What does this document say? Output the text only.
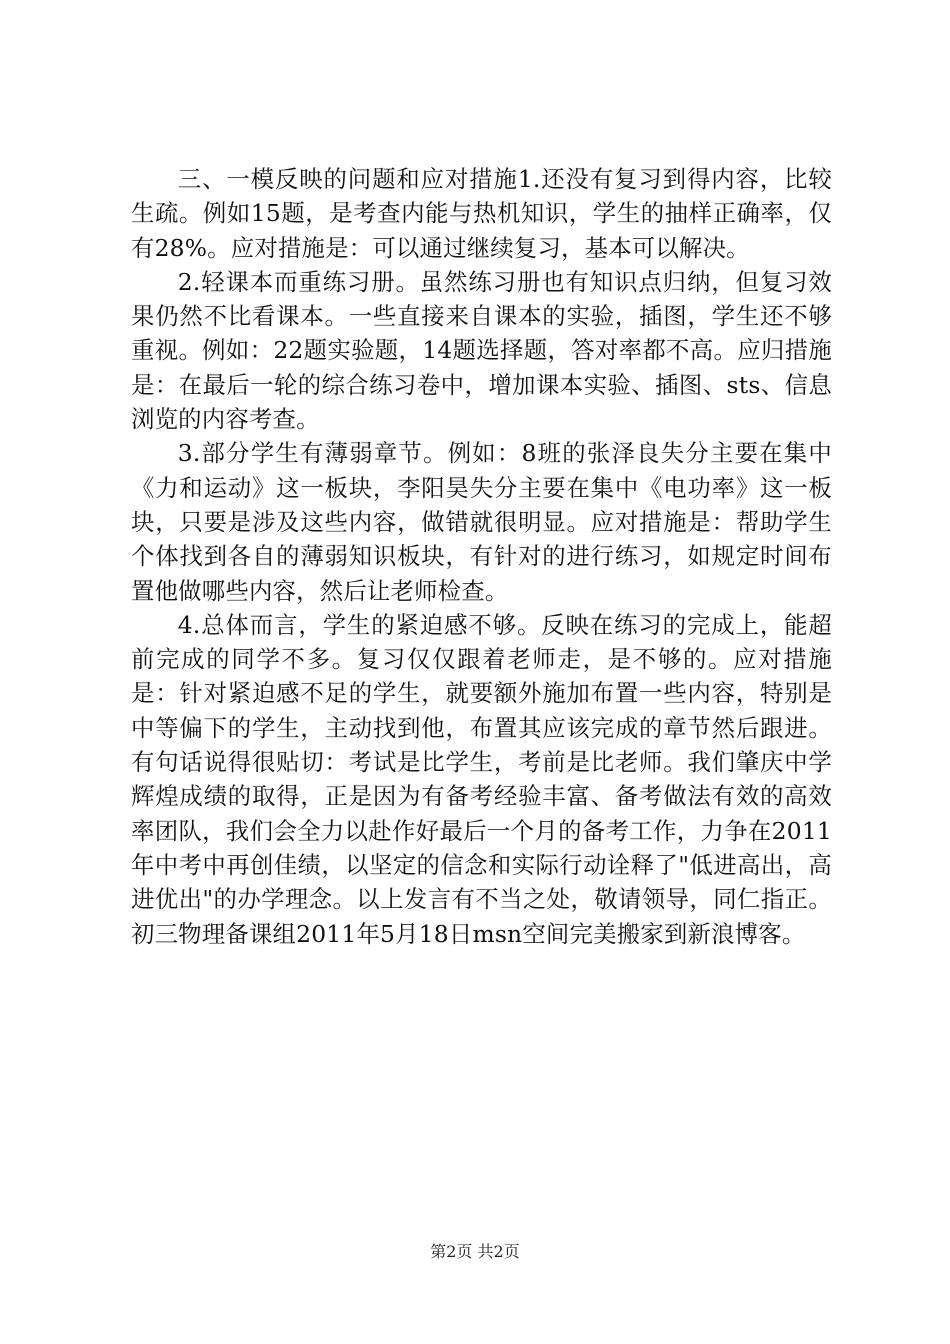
三、一模反映的问题和应对措施1.还没有复习到得内容，比较生疏。例如15题，是考查内能与热机知识，学生的抽样正确率，仅有28%。应对措施是：可以通过继续复习，基本可以解决。

2.轻课本而重练习册。虽然练习册也有知识点归纳，但复习效果仍然不比看课本。一些直接来自课本的实验，插图，学生还不够重视。例如：22题实验题，14题选择题，答对率都不高。应归措施是：在最后一轮的综合练习卷中，增加课本实验、插图、sts、信息浏览的内容考查。

3.部分学生有薄弱章节。例如：8班的张泽良失分主要在集中《力和运动》这一板块，李阳昊失分主要在集中《电功率》这一板块，只要是涉及这些内容，做错就很明显。应对措施是：帮助学生个体找到各自的薄弱知识板块，有针对的进行练习，如规定时间布置他做哪些内容，然后让老师检查。

4.总体而言，学生的紧迫感不够。反映在练习的完成上，能超前完成的同学不多。复习仅仅跟着老师走，是不够的。应对措施是：针对紧迫感不足的学生，就要额外施加布置一些内容，特别是中等偏下的学生，主动找到他，布置其应该完成的章节然后跟进。有句话说得很贴切：考试是比学生，考前是比老师。我们肇庆中学辉煌成绩的取得，正是因为有备考经验丰富、备考做法有效的高效率团队，我们会全力以赴作好最后一个月的备考工作，力争在2011年中考中再创佳绩，以坚定的信念和实际行动诠释了"低进高出，高进优出"的办学理念。以上发言有不当之处，敬请领导，同仁指正。初三物理备课组2011年5月18日msn空间完美搬家到新浪博客。

第2页 共2页
